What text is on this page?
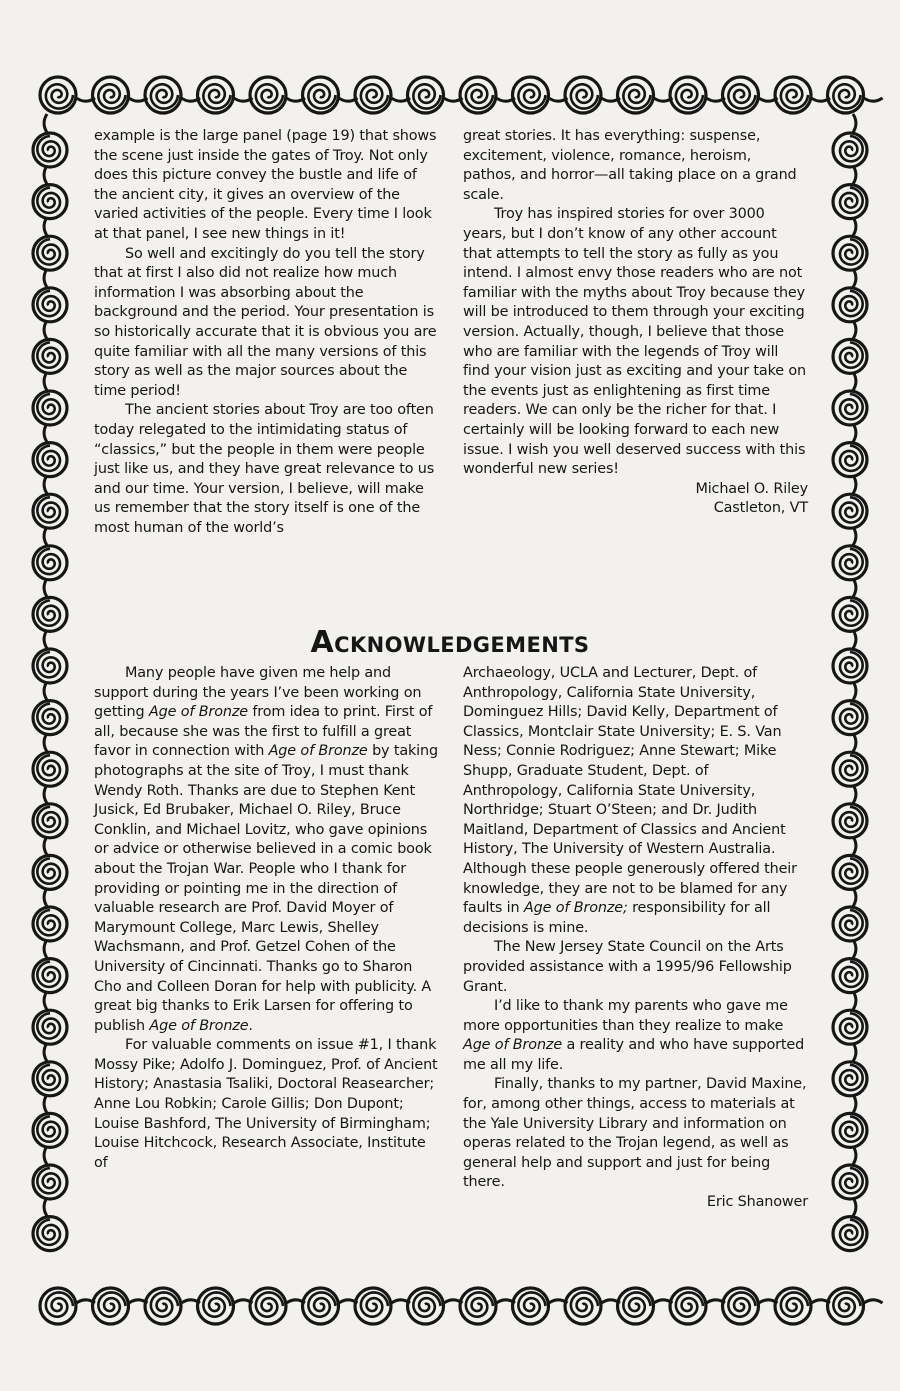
example is the large panel (page 19) that shows the scene just inside the gates of Troy. Not only does this picture convey the bustle and life of the ancient city, it gives an overview of the varied activities of the people. Every time I look at that panel, I see new things in it!

So well and excitingly do you tell the story that at first I also did not realize how much information I was absorbing about the background and the period. Your presentation is so historically accurate that it is obvious you are quite familiar with all the many versions of this story as well as the major sources about the time period!

The ancient stories about Troy are too often today relegated to the intimidating status of “classics,” but the people in them were people just like us, and they have great relevance to us and our time. Your version, I believe, will make us remember that the story itself is one of the most human of the world’s

great stories. It has everything: suspense, excitement, violence, romance, heroism, pathos, and horror—all taking place on a grand scale.

Troy has inspired stories for over 3000 years, but I don’t know of any other account that attempts to tell the story as fully as you intend. I almost envy those readers who are not familiar with the myths about Troy because they will be introduced to them through your exciting version. Actually, though, I believe that those who are familiar with the legends of Troy will find your vision just as exciting and your take on the events just as enlightening as first time readers. We can only be the richer for that. I certainly will be looking forward to each new issue. I wish you well deserved success with this wonderful new series!

Michael O. Riley

Castleton, VT

Acknowledgements

Many people have given me help and support during the years I’ve been working on getting Age of Bronze from idea to print. First of all, because she was the first to fulfill a great favor in connection with Age of Bronze by taking photographs at the site of Troy, I must thank Wendy Roth. Thanks are due to Stephen Kent Jusick, Ed Brubaker, Michael O. Riley, Bruce Conklin, and Michael Lovitz, who gave opinions or advice or otherwise believed in a comic book about the Trojan War. People who I thank for providing or pointing me in the direction of valuable research are Prof. David Moyer of Marymount College, Marc Lewis, Shelley Wachsmann, and Prof. Getzel Cohen of the University of Cincinnati. Thanks go to Sharon Cho and Colleen Doran for help with publicity. A great big thanks to Erik Larsen for offering to publish Age of Bronze.

For valuable comments on issue #1, I thank Mossy Pike; Adolfo J. Dominguez, Prof. of Ancient History; Anastasia Tsaliki, Doctoral Reasearcher; Anne Lou Robkin; Carole Gillis; Don Dupont; Louise Bashford, The University of Birmingham; Louise Hitchcock, Research Associate, Institute of

Archaeology, UCLA and Lecturer, Dept. of Anthropology, California State University, Dominguez Hills; David Kelly, Department of Classics, Montclair State University; E. S. Van Ness; Connie Rodriguez; Anne Stewart; Mike Shupp, Graduate Student, Dept. of Anthropology, California State University, Northridge; Stuart O’Steen; and Dr. Judith Maitland, Department of Classics and Ancient History, The University of Western Australia. Although these people generously offered their knowledge, they are not to be blamed for any faults in Age of Bronze; responsibility for all decisions is mine.

The New Jersey State Council on the Arts provided assistance with a 1995/96 Fellowship Grant.

I’d like to thank my parents who gave me more opportunities than they realize to make Age of Bronze a reality and who have supported me all my life.

Finally, thanks to my partner, David Maxine, for, among other things, access to materials at the Yale University Library and information on operas related to the Trojan legend, as well as general help and support and just for being there.

Eric Shanower
